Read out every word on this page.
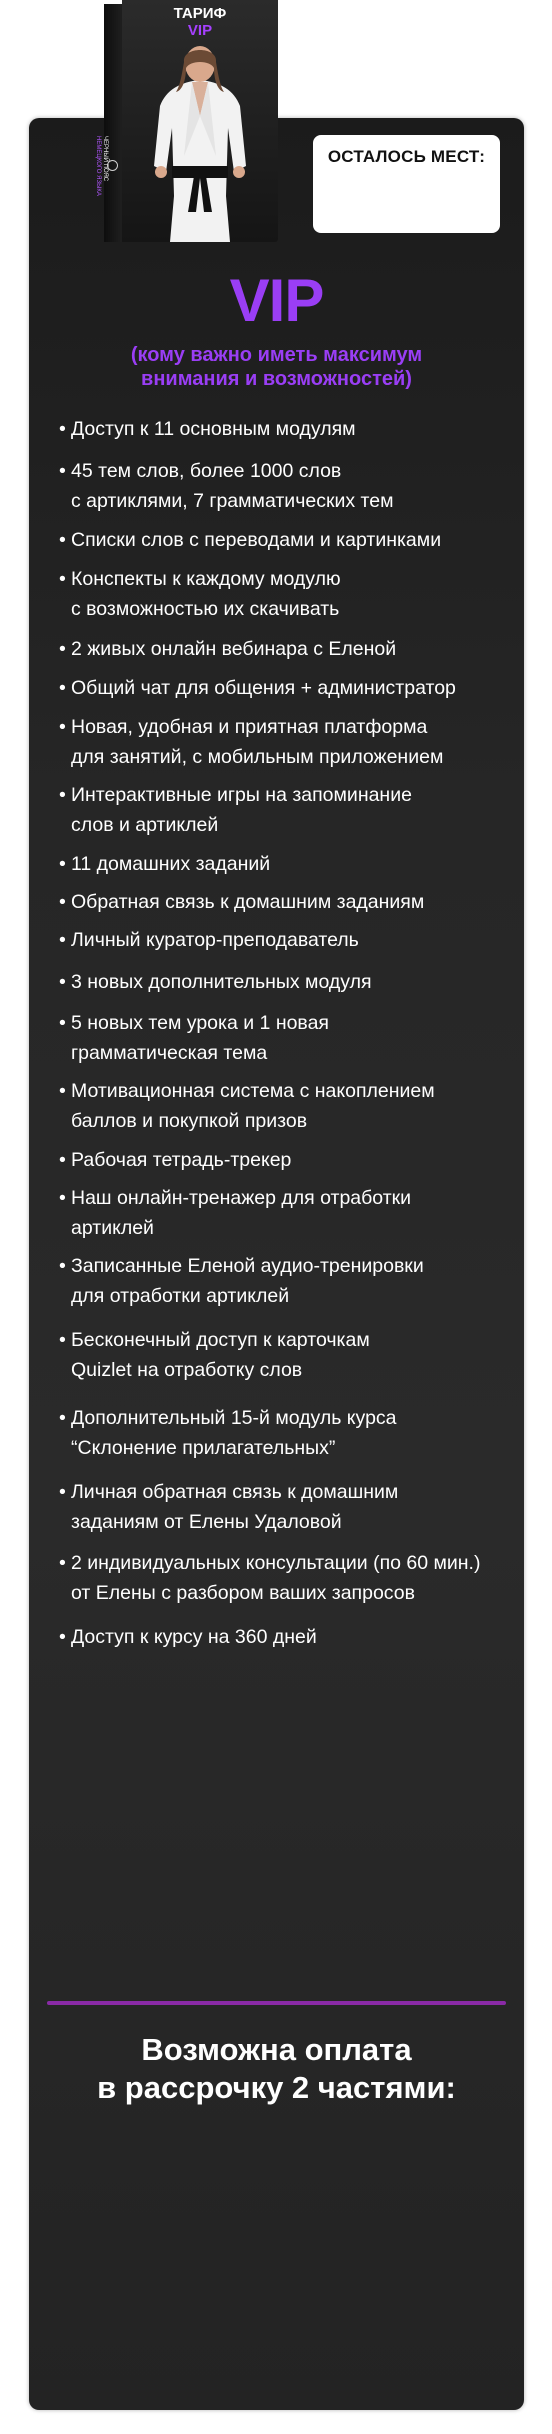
ЧЕРНЫЙ ПОЯС
НЕМЕЦКОГО ЯЗЫКА
ТАРИФ
VIP
ОСТАЛОСЬ МЕСТ:
VIP
(кому важно иметь максимум
внимания и возможностей)
• Доступ к 11 основным модулям
• 45 тем слов, более 1000 слов
с артиклями, 7 грамматических тем
• Списки слов с переводами и картинками
• Конспекты к каждому модулю
с возможностью их скачивать
• 2 живых онлайн вебинара с Еленой
• Общий чат для общения + администратор
• Новая, удобная и приятная платформа
для занятий, с мобильным приложением
• Интерактивные игры на запоминание
слов и артиклей
• 11 домашних заданий
• Обратная связь к домашним заданиям
• Личный куратор-преподаватель
• 3 новых дополнительных модуля
• 5 новых тем урока и 1 новая
грамматическая тема
• Мотивационная система с накоплением
баллов и покупкой призов
• Рабочая тетрадь-трекер
• Наш онлайн-тренажер для отработки
артиклей
• Записанные Еленой аудио-тренировки
для отработки артиклей
• Бесконечный доступ к карточкам
Quizlet на отработку слов
• Дополнительный 15-й модуль курса
“Склонение прилагательных”
• Личная обратная связь к домашним
заданиям от Елены Удаловой
• 2 индивидуальных консультации (по 60 мин.)
от Елены с разбором ваших запросов
• Доступ к курсу на 360 дней
Возможна оплата
в рассрочку 2 частями:
